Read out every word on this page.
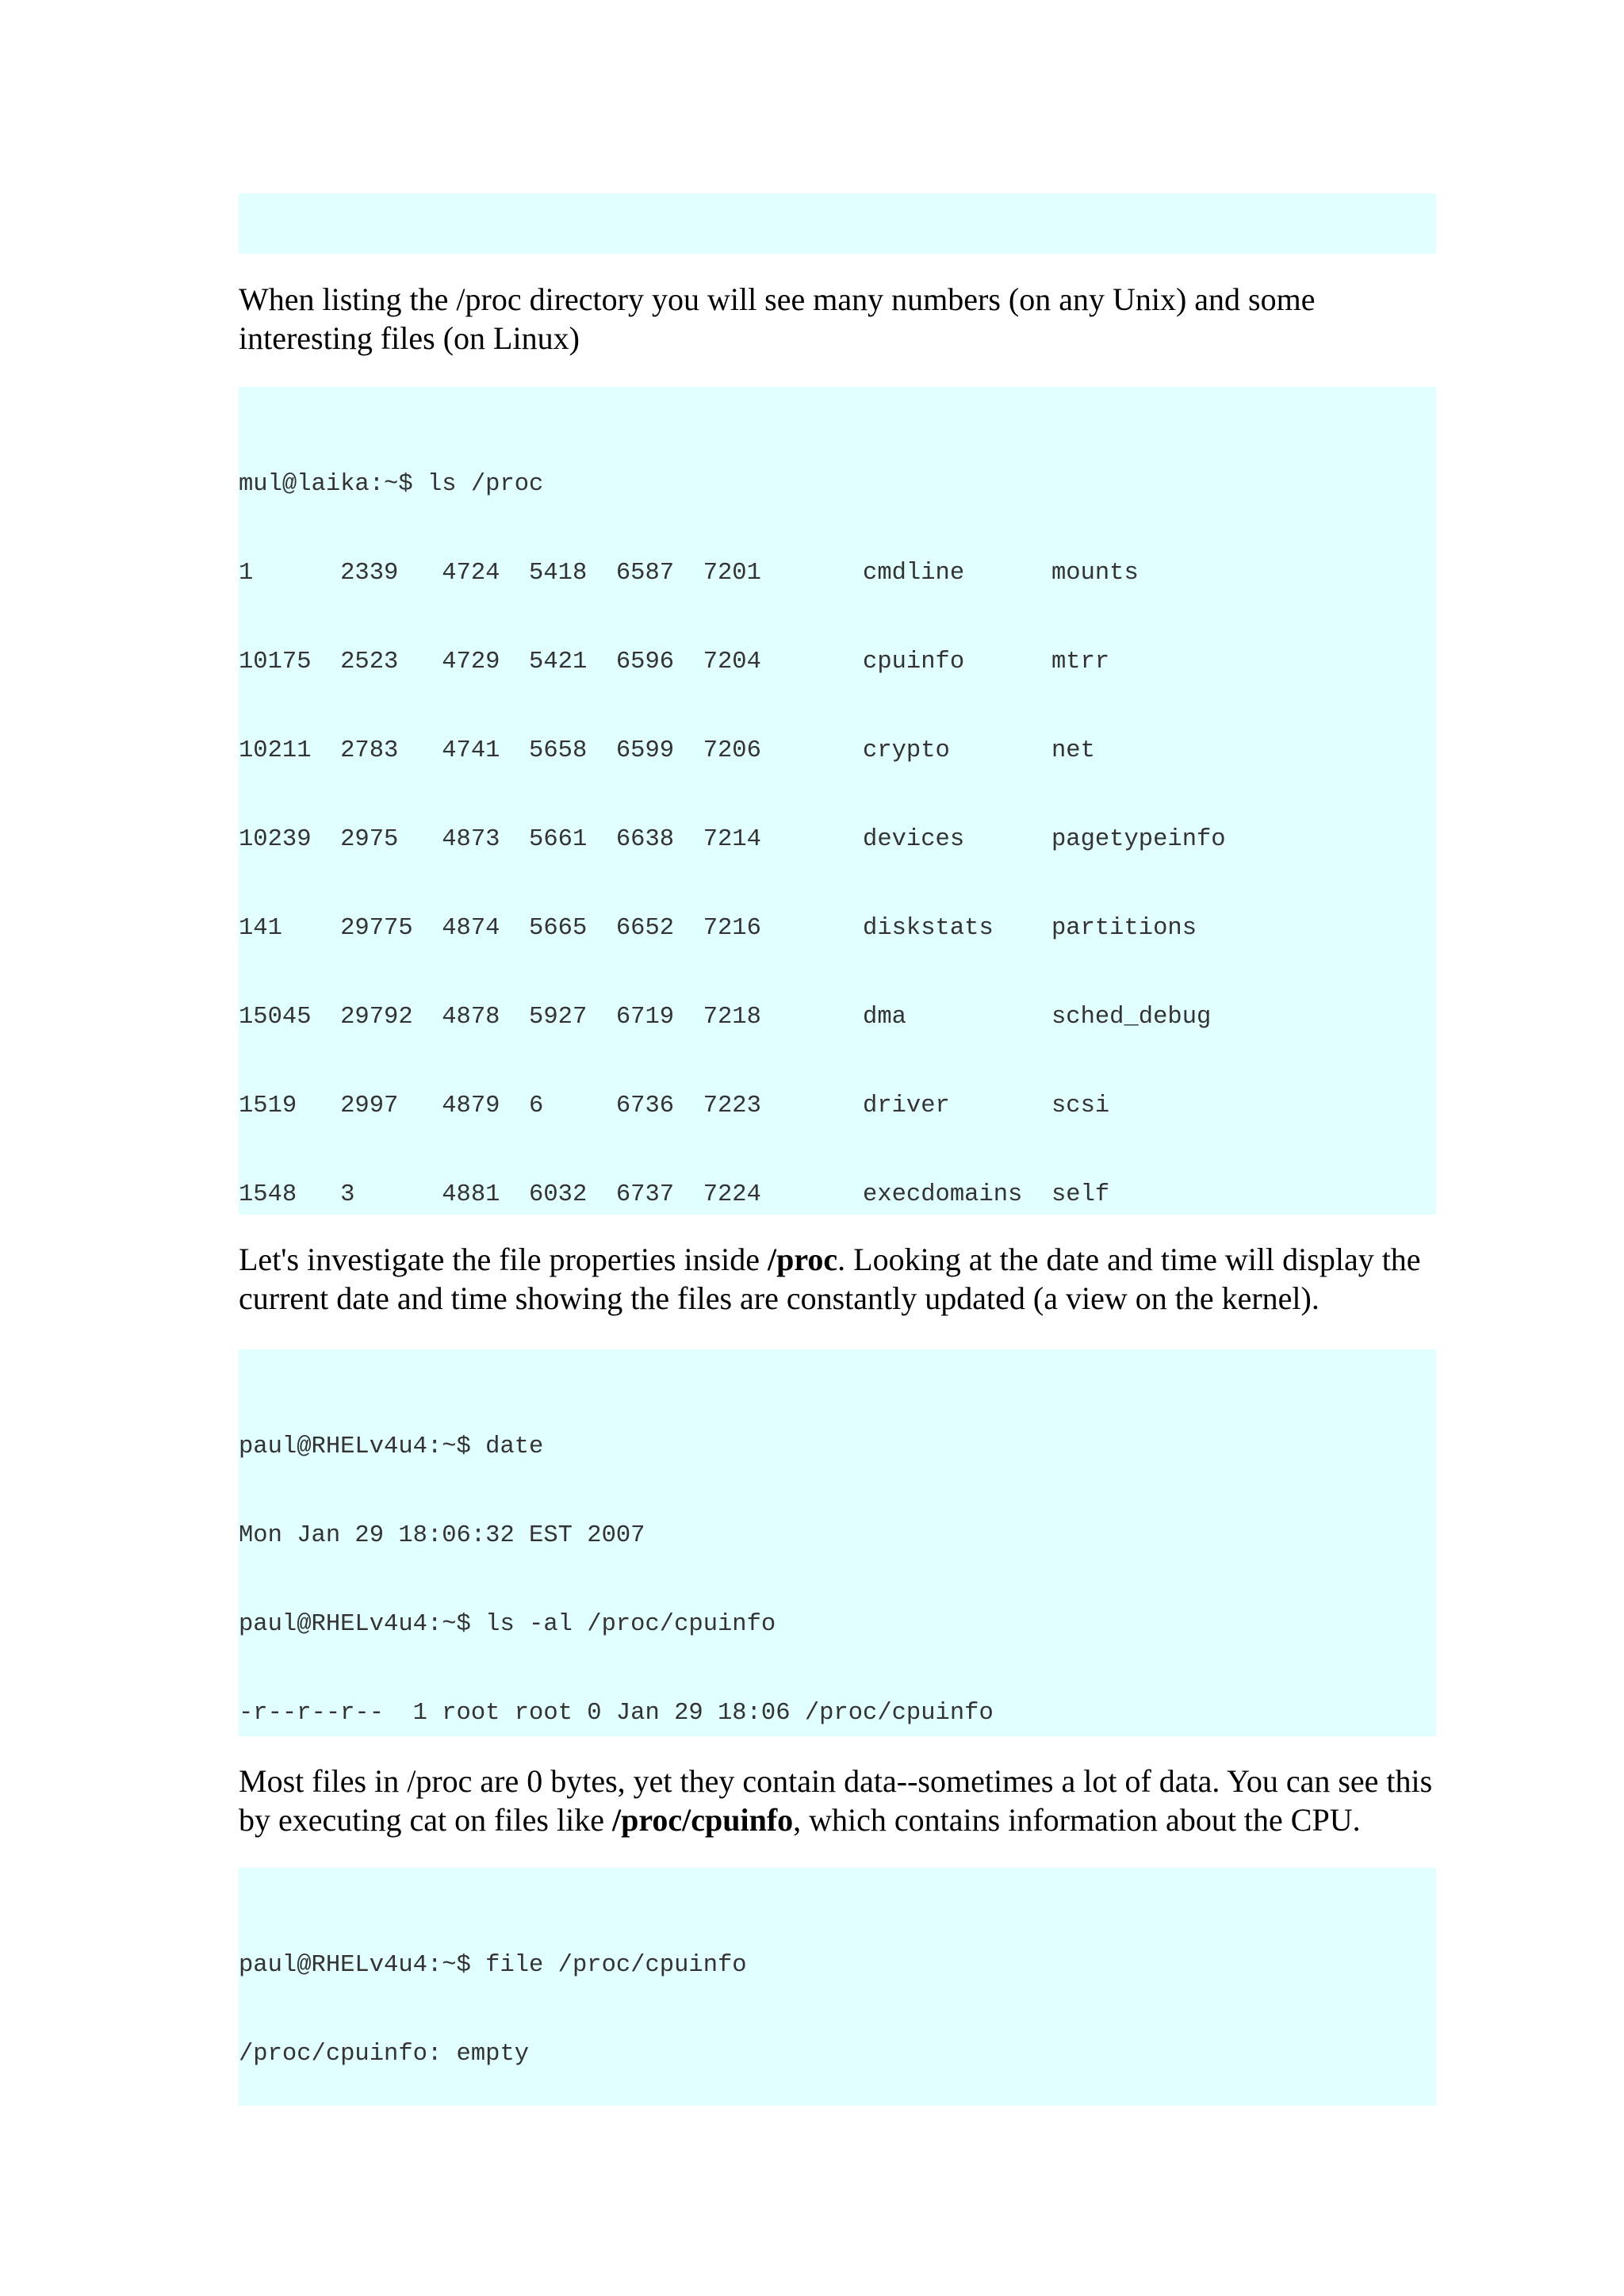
When listing the /proc directory you will see many numbers (on any Unix) and some interesting files (on Linux)

mul@laika:~$ ls /proc

1      2339   4724  5418  6587  7201       cmdline      mounts

10175  2523   4729  5421  6596  7204       cpuinfo      mtrr

10211  2783   4741  5658  6599  7206       crypto       net

10239  2975   4873  5661  6638  7214       devices      pagetypeinfo

141    29775  4874  5665  6652  7216       diskstats    partitions

15045  29792  4878  5927  6719  7218       dma          sched_debug

1519   2997   4879  6     6736  7223       driver       scsi

1548   3      4881  6032  6737  7224       execdomains  self

Let's investigate the file properties inside /proc. Looking at the date and time will display the current date and time showing the files are constantly updated (a view on the kernel).

paul@RHELv4u4:~$ date

Mon Jan 29 18:06:32 EST 2007

paul@RHELv4u4:~$ ls -al /proc/cpuinfo

-r--r--r--  1 root root 0 Jan 29 18:06 /proc/cpuinfo

Most files in /proc are 0 bytes, yet they contain data--sometimes a lot of data. You can see this by executing cat on files like /proc/cpuinfo, which contains information about the CPU.

paul@RHELv4u4:~$ file /proc/cpuinfo

/proc/cpuinfo: empty
